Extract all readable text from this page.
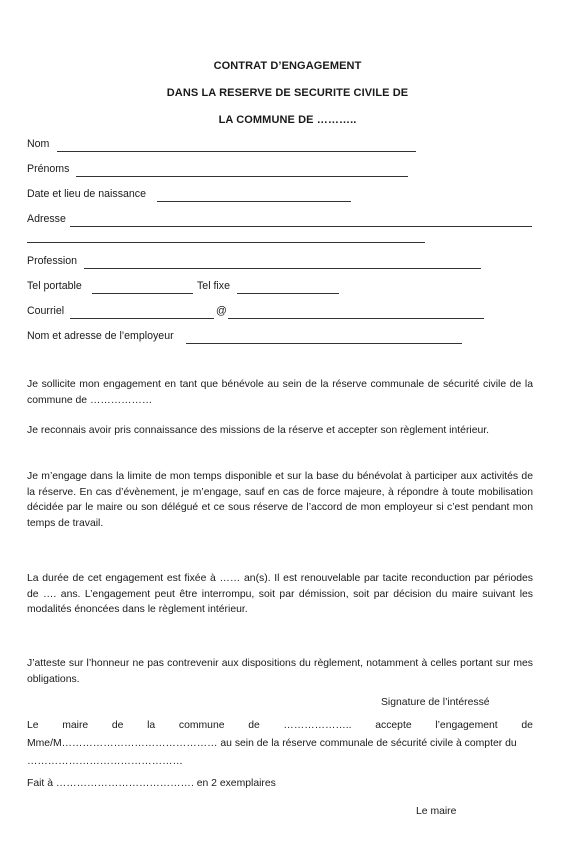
CONTRAT D’ENGAGEMENT
DANS LA RESERVE DE SECURITE CIVILE DE
LA COMMUNE DE ………..
Nom
Prénoms
Date et lieu de naissance
Adresse
Profession
Tel portable	Tel fixe
Courriel	@
Nom et adresse de l’employeur

Je sollicite mon engagement en tant que bénévole au sein de la réserve communale de sécurité civile de la commune de ………………

Je reconnais avoir pris connaissance des missions de la réserve et accepter son règlement intérieur.

Je m’engage dans la limite de mon temps disponible et sur la base du bénévolat à participer aux activités de la réserve. En cas d’évènement, je m’engage, sauf en cas de force majeure, à répondre à toute mobilisation décidée par le maire ou son délégué et ce sous réserve de l’accord de mon employeur si c’est pendant mon temps de travail.

La durée de cet engagement est fixée à …… an(s). Il est renouvelable par tacite reconduction par périodes de …. ans. L’engagement peut être interrompu, soit par démission, soit par décision du maire suivant les modalités énoncées dans le règlement intérieur.

J’atteste sur l’honneur ne pas contrevenir aux dispositions du règlement, notamment à celles portant sur mes obligations.

Signature de l’intéressé
Le maire de la commune de ……………….. accepte l’engagement de
Mme/M……………………………………… au sein de la réserve communale de sécurité civile à compter du
………………………………………
Fait à …………………………………. en 2 exemplaires
Le maire
